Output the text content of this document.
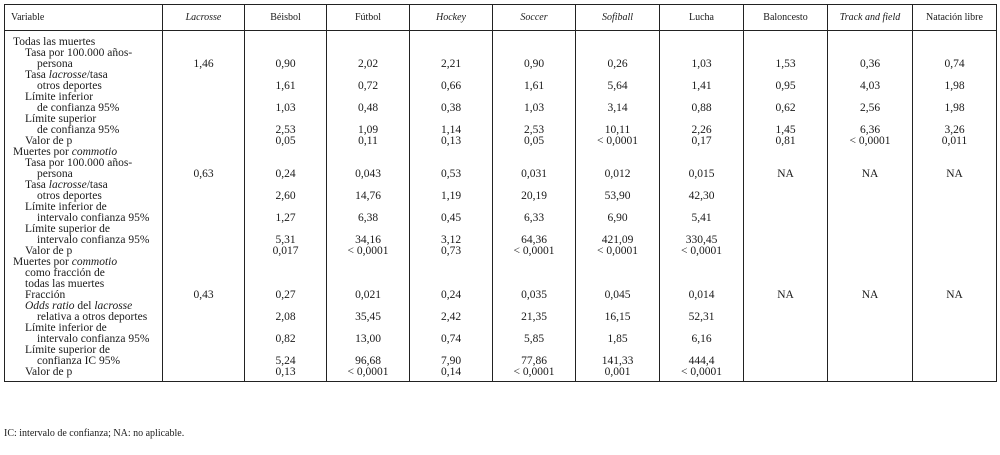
Variable	Lacrosse	Béisbol	Fútbol	Hockey	Soccer	Sofiball	Lucha	Baloncesto	Track and field	Natación libre

Todas las muertes
Tasa por 100.000 años-
persona	1,46	0,90	2,02	2,21	0,90	0,26	1,03	1,53	0,36	0,74

Tasa lacrosse/tasa
otros deportes		1,61	0,72	0,66	1,61	5,64	1,41	0,95	4,03	1,98

Límite inferior
de confianza 95%		1,03	0,48	0,38	1,03	3,14	0,88	0,62	2,56	1,98

Límite superior
de confianza 95%		2,53	1,09	1,14	2,53	10,11	2,26	1,45	6,36	3,26

Valor de p		0,05	0,11	0,13	0,05	< 0,0001	0,17	0,81	< 0,0001	0,011

Muertes por commotio
Tasa por 100.000 años-
persona	0,63	0,24	0,043	0,53	0,031	0,012	0,015	NA	NA	NA

Tasa lacrosse/tasa
otros deportes		2,60	14,76	1,19	20,19	53,90	42,30			

Límite inferior de
intervalo confianza 95%		1,27	6,38	0,45	6,33	6,90	5,41			

Límite superior de
intervalo confianza 95%		5,31	34,16	3,12	64,36	421,09	330,45			

Valor de p		0,017	< 0,0001	0,73	< 0,0001	< 0,0001	< 0,0001			

Muertes por commotio
como fracción de
todas las muertes
Fracción	0,43	0,27	0,021	0,24	0,035	0,045	0,014	NA	NA	NA

Odds ratio del lacrosse
relativa a otros deportes		2,08	35,45	2,42	21,35	16,15	52,31			

Límite inferior de
intervalo confianza 95%		0,82	13,00	0,74	5,85	1,85	6,16			

Límite superior de
confianza IC 95%		5,24	96,68	7,90	77,86	141,33	444,4			

Valor de p		0,13	< 0,0001	0,14	< 0,0001	0,001	< 0,0001			
IC: intervalo de confianza; NA: no aplicable.
